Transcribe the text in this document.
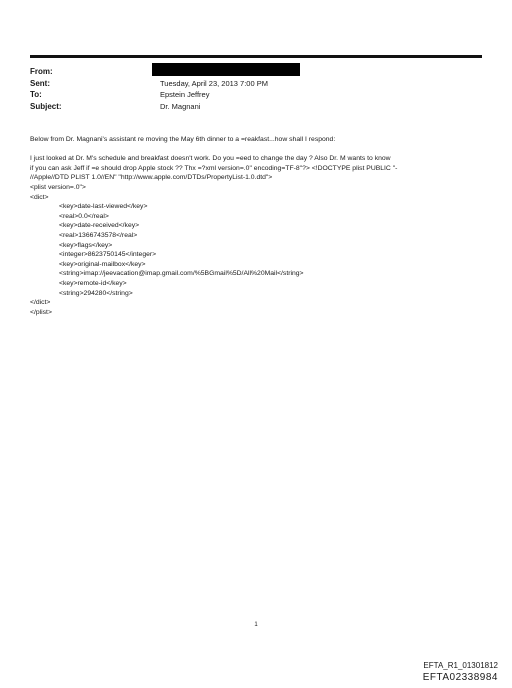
From:
Sent:	Tuesday, April 23, 2013 7:00 PM
To:	Epstein Jeffrey
Subject:	Dr. Magnani

Below from Dr. Magnani's assistant re moving the May 6th dinner to a =reakfast...how shall I respond:

I just looked at Dr. M's schedule and breakfast doesn't work. Do you =eed to change the day ? Also Dr. M wants to know

if you can ask Jeff if =e should drop Apple stock ?? Thx =?xml version=.0" encoding=TF-8"?> <!DOCTYPE plist PUBLIC "-

//Apple//DTD PLIST 1.0//EN" "http://www.apple.com/DTDs/PropertyList-1.0.dtd">

<plist version=.0">

<dict>

<key>date-last-viewed</key>

<real>0.0</real>

<key>date-received</key>

<real>1366743578</real>

<key>flags</key>

<integer>8623750145</integer>

<key>original-mailbox</key>

<string>imap://jeevacation@imap.gmail.com/%5BGmail%5D/All%20Mail</string>

<key>remote-id</key>

<string>294280</string>

</dict>

</plist>

1
EFTA_R1_01301812
EFTA02338984
